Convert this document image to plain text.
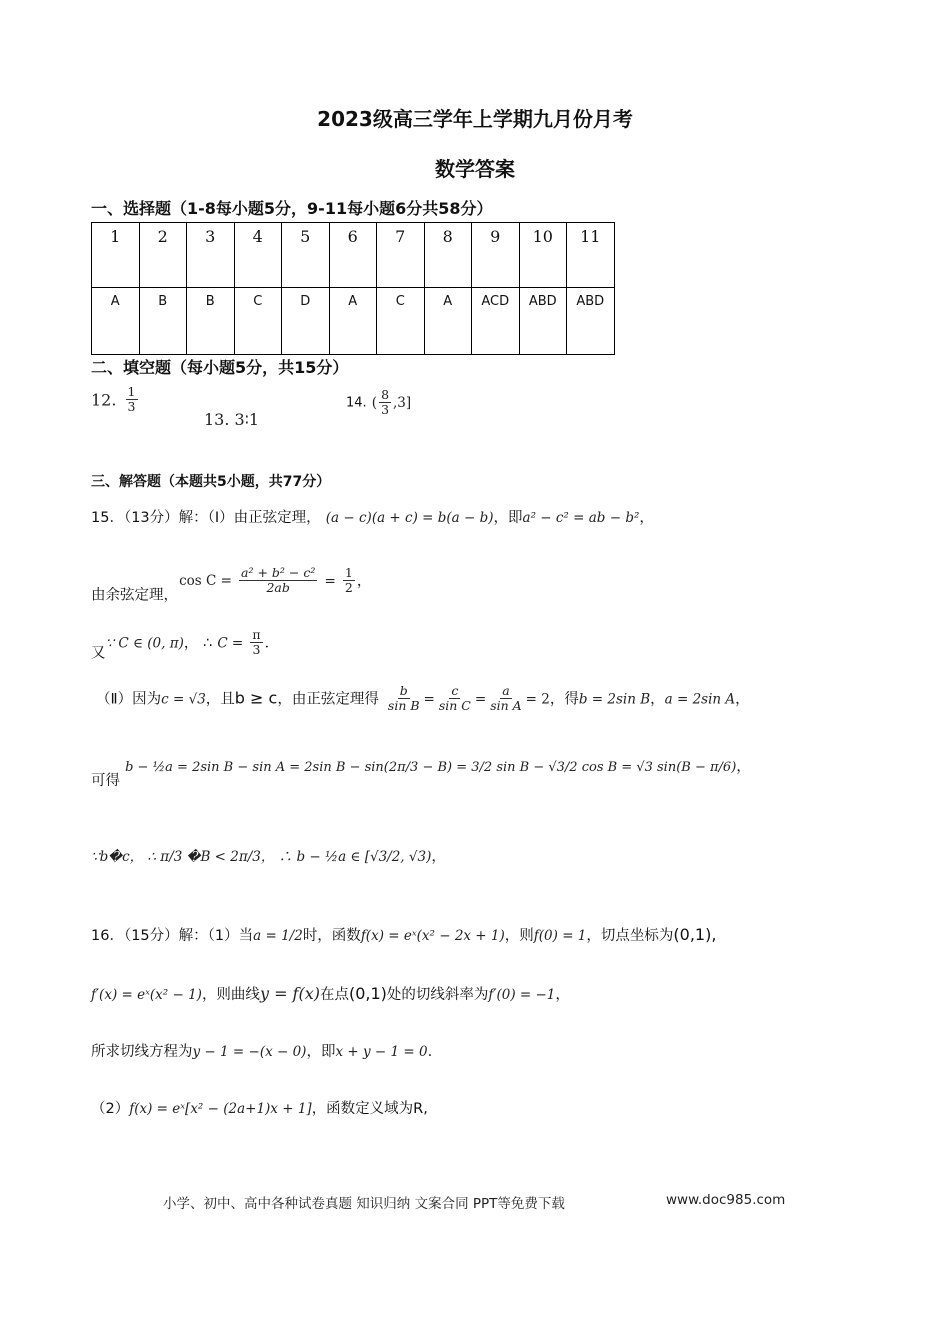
2023级高三学年上学期九月份月考
数学答案
一、选择题（1-8每小题5分，9-11每小题6分共58分）
1	2	3	4	5	6	7	8	9	10	11
A	B	B	C	D	A	C	A	ACD	ABD	ABD
二、填空题（每小题5分，共15分）
12. $\frac{1}{3}$
13. 3∶1
14. ( $\frac{8}{3} ,3$]
三、解答题（本题共5小题，共77分）
15．（13分）解：（Ⅰ）由正弦定理， (a − c)(a + c) = b(a − b)，即a² − c² = ab − b²，
由余弦定理， $\cos C = \frac{\text{a² + b² − c²}}{2ab} = \frac{1}{2}$ ，
又∵ C ∈ (0, π)， ∴ $C = \frac{\pi}{3}$ ．
（Ⅱ）因为c = √3，且b ≥ c，由正弦定理得 $\frac{b}{\text{sin B}} = \frac{c}{\text{sin C}} = \frac{a}{\text{sin A}} = 2$，得b = 2sin B，a = 2sin A，
可得 b − ½a = 2sin B − sin A = 2sin B − sin(2π/3 − B) = 3/2 sin B − √3/2 cos B = √3 sin(B − π/6)，
∵b�c， ∴ π/3 �B < 2π/3， ∴ b − ½a ∈ [√3/2, √3)，
16．（15分）解：（1）当a = 1/2时，函数f(x) = eˣ(x² − 2x + 1)，则f(0) = 1，切点坐标为(0,1),
f′(x) = eˣ(x² − 1)，则曲线y = f(x)在点(0,1)处的切线斜率为f′(0) = −1，
所求切线方程为y − 1 = −(x − 0)，即x + y − 1 = 0.
（2）f(x) = eˣ[x² − (2a+1)x + 1]，函数定义域为R,
小学、初中、高中各种试卷真题 知识归纳 文案合同 PPT等免费下载	www.doc985.com
